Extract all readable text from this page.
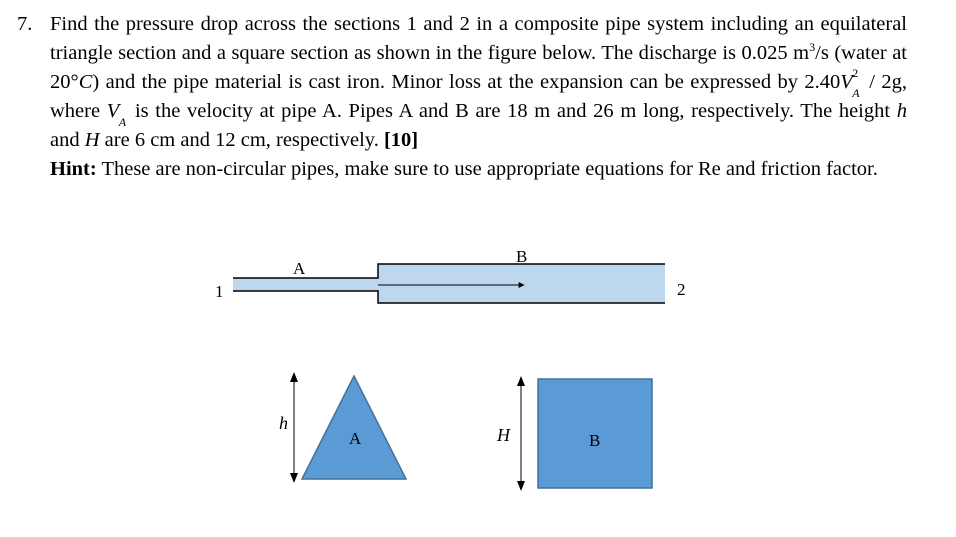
7. Find the pressure drop across the sections 1 and 2 in a composite pipe system including an equilateral triangle section and a square section as shown in the figure below. The discharge is 0.025 $m^3/s$ (water at 20°C) and the pipe material is cast iron. Minor loss at the expansion can be expressed by 2.40V 2
A / 2g, where V A is the velocity at pipe A. Pipes A and B are 18 m and 26 m long, respectively. The height h and H are 6 cm and 12 cm, respectively. [10]
Hint: These are non-circular pipes, make sure to use appropriate equations for Re and friction factor.
1	2
A
B
h
A	H	B
